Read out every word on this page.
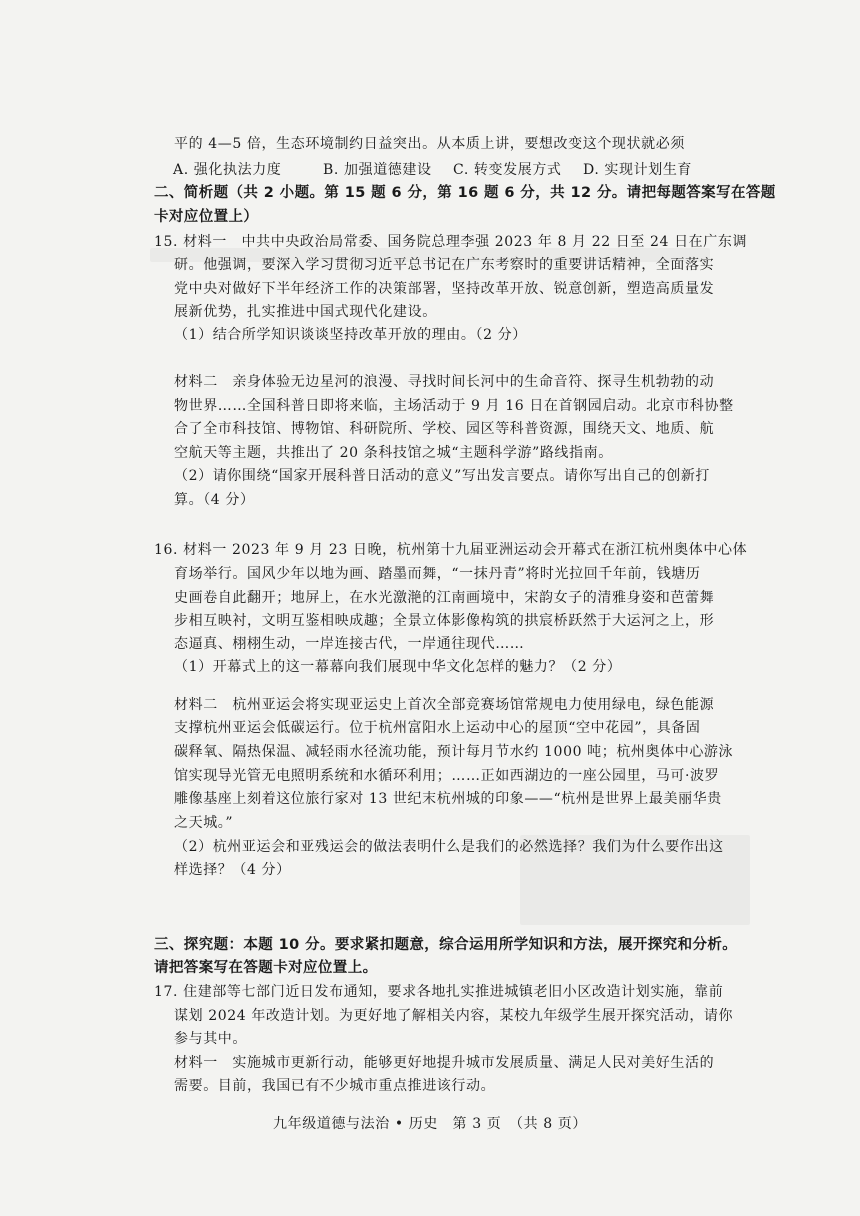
平的 4—5 倍，生态环境制约日益突出。从本质上讲，要想改变这个现状就必须
A. 强化执法力度	B. 加强道德建设 C. 转变发展方式 D. 实现计划生育
二、简析题（共 2 小题。第 15 题 6 分，第 16 题 6 分，共 12 分。请把每题答案写在答题
卡对应位置上）
15. 材料一　中共中央政治局常委、国务院总理李强 2023 年 8 月 22 日至 24 日在广东调
研。他强调，要深入学习贯彻习近平总书记在广东考察时的重要讲话精神，全面落实
党中央对做好下半年经济工作的决策部署，坚持改革开放、锐意创新，塑造高质量发
展新优势，扎实推进中国式现代化建设。
（1）结合所学知识谈谈坚持改革开放的理由。（2 分）
材料二　亲身体验无边星河的浪漫、寻找时间长河中的生命音符、探寻生机勃勃的动
物世界……全国科普日即将来临，主场活动于 9 月 16 日在首钢园启动。北京市科协整
合了全市科技馆、博物馆、科研院所、学校、园区等科普资源，围绕天文、地质、航
空航天等主题，共推出了 20 条科技馆之城“主题科学游”路线指南。
（2）请你围绕“国家开展科普日活动的意义”写出发言要点。请你写出自己的创新打
算。（4 分）
16. 材料一 2023 年 9 月 23 日晚，杭州第十九届亚洲运动会开幕式在浙江杭州奥体中心体
育场举行。国风少年以地为画、踏墨而舞，“一抹丹青”将时光拉回千年前，钱塘历
史画卷自此翻开；地屏上，在水光激滟的江南画境中，宋韵女子的清雅身姿和芭蕾舞
步相互映衬，文明互鉴相映成趣；全景立体影像构筑的拱宸桥跃然于大运河之上，形
态逼真、栩栩生动，一岸连接古代，一岸通往现代……
（1）开幕式上的这一幕幕向我们展现中华文化怎样的魅力？（2 分）
材料二　杭州亚运会将实现亚运史上首次全部竞赛场馆常规电力使用绿电，绿色能源
支撑杭州亚运会低碳运行。位于杭州富阳水上运动中心的屋顶“空中花园”，具备固
碳释氧、隔热保温、减轻雨水径流功能，预计每月节水约 1000 吨；杭州奥体中心游泳
馆实现导光管无电照明系统和水循环利用；……正如西湖边的一座公园里，马可·波罗
雕像基座上刻着这位旅行家对 13 世纪末杭州城的印象——“杭州是世界上最美丽华贵
之天城。”
（2）杭州亚运会和亚残运会的做法表明什么是我们的必然选择？我们为什么要作出这
样选择？（4 分）
三、探究题：本题 10 分。要求紧扣题意，综合运用所学知识和方法，展开探究和分析。
请把答案写在答题卡对应位置上。
17. 住建部等七部门近日发布通知，要求各地扎实推进城镇老旧小区改造计划实施，靠前
谋划 2024 年改造计划。为更好地了解相关内容，某校九年级学生展开探究活动，请你
参与其中。
材料一　实施城市更新行动，能够更好地提升城市发展质量、满足人民对美好生活的
需要。目前，我国已有不少城市重点推进该行动。
九年级道德与法治 • 历史　第 3 页　（共 8 页）
